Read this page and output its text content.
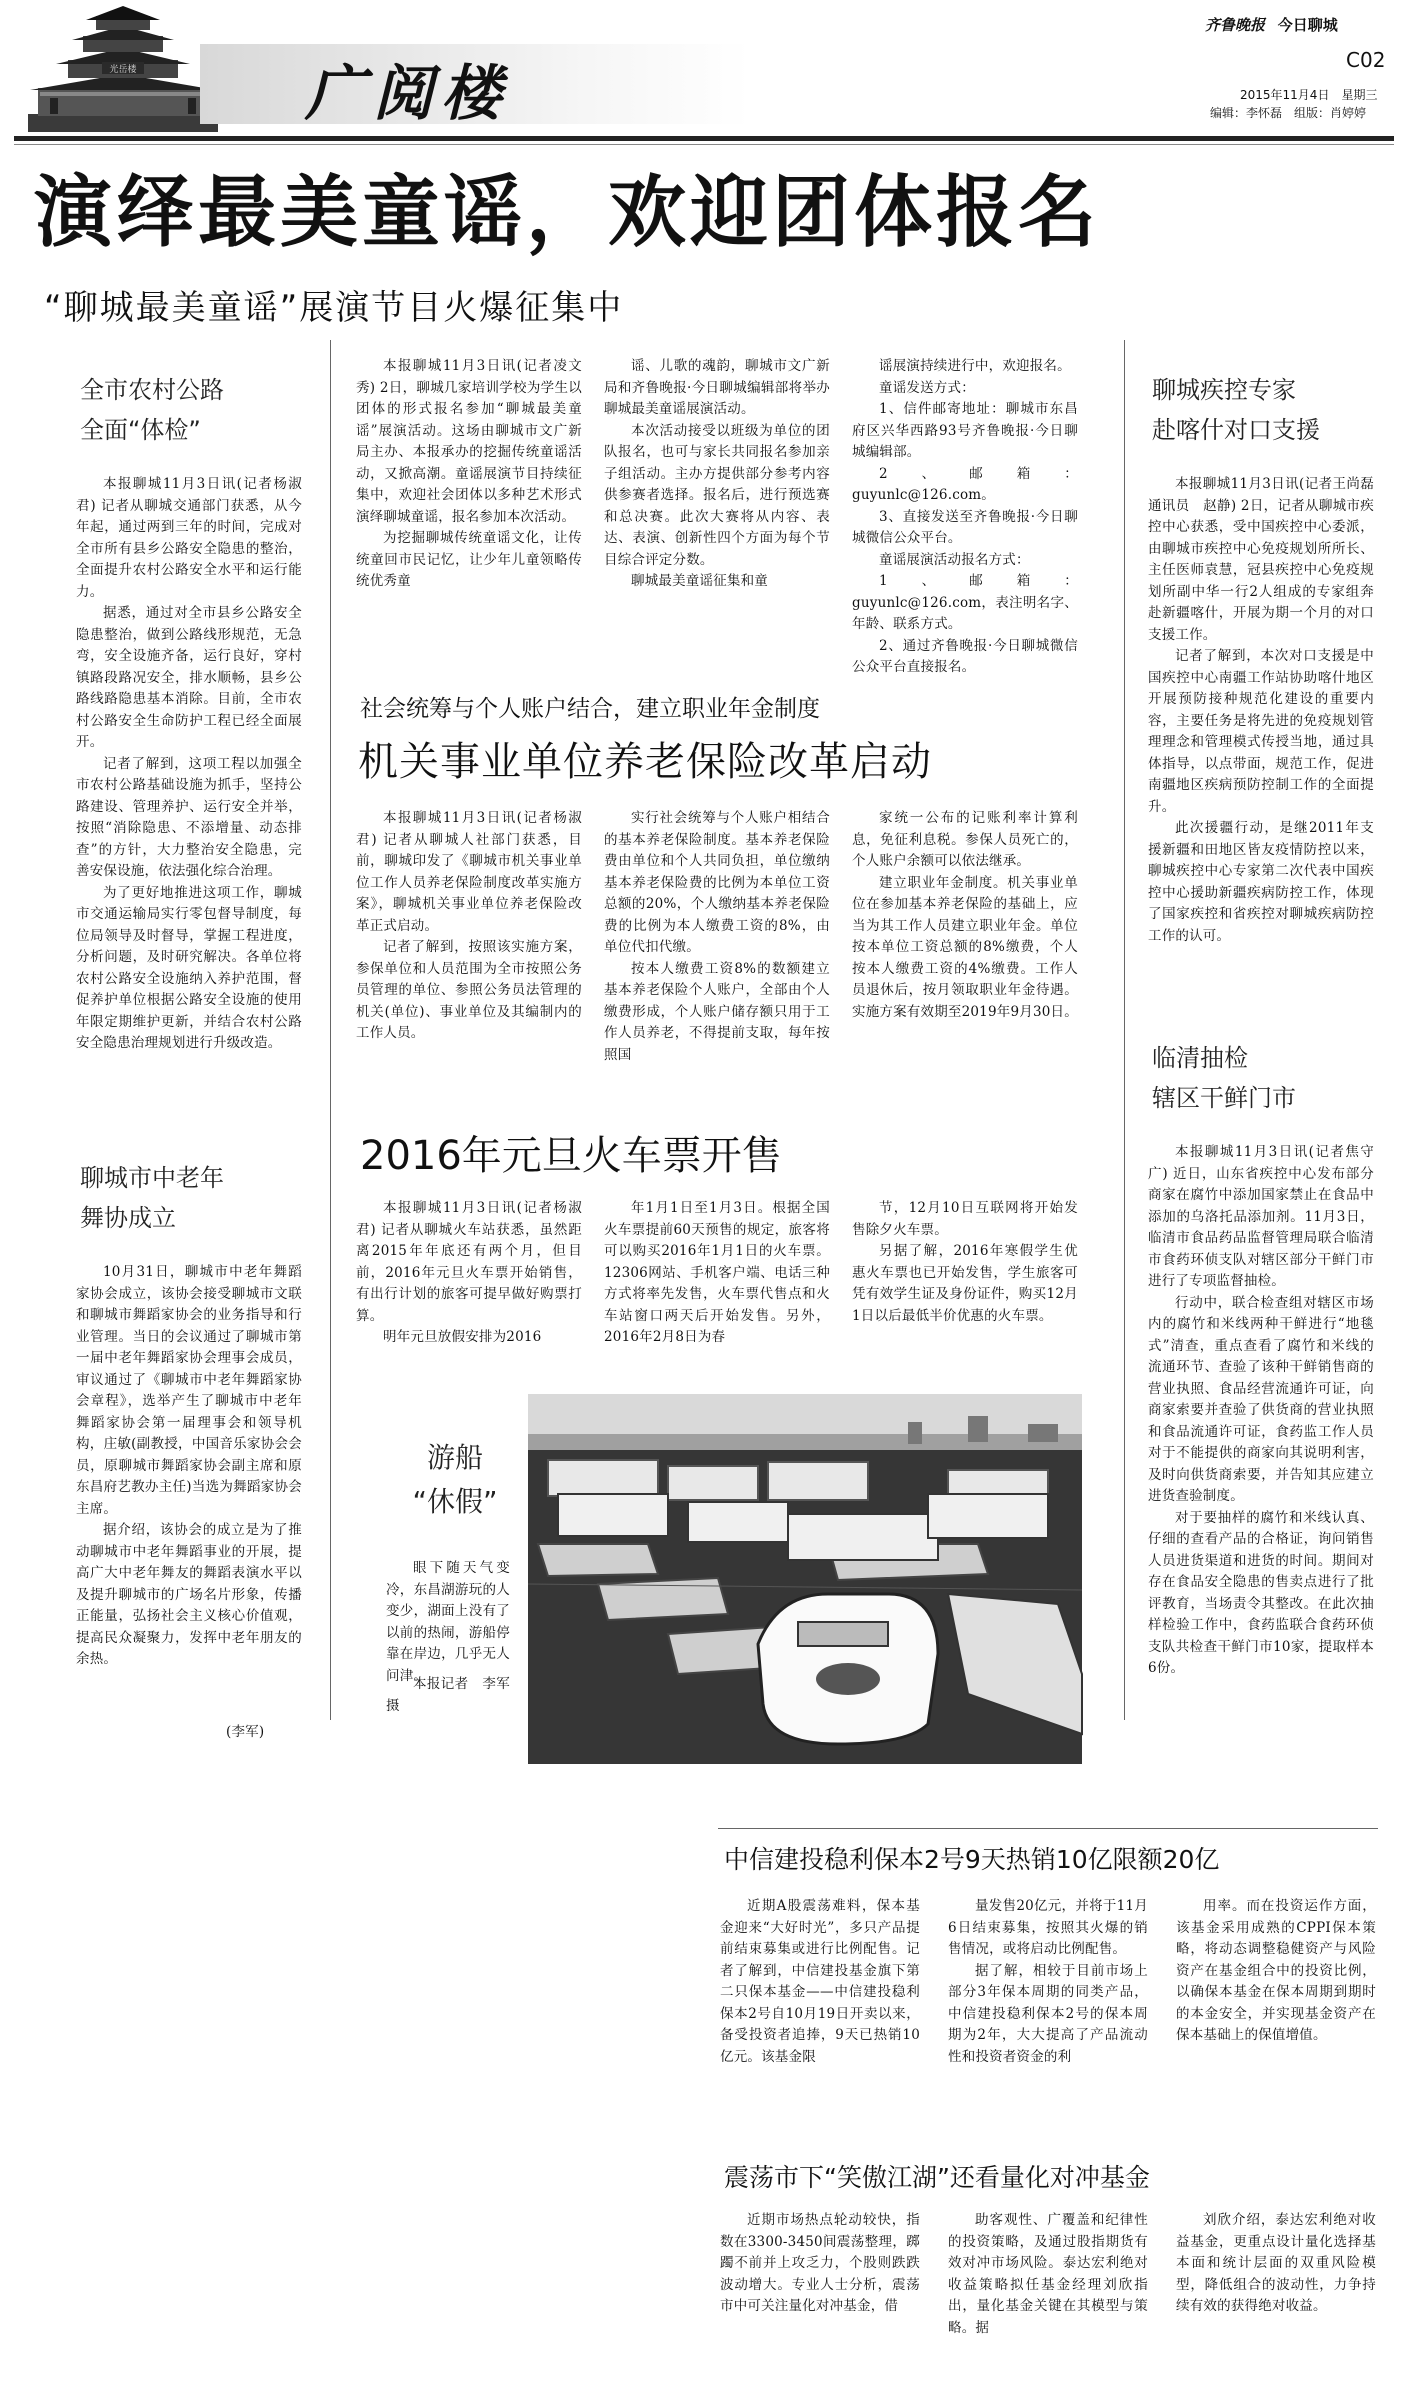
光岳楼	广阅楼
齐鲁晚报 今日聊城
C02
2015年11月4日　星期三
编辑：李怀磊　组版：肖婷婷
演绎最美童谣，欢迎团体报名
“聊城最美童谣”展演节目火爆征集中
全市农村公路
全面“体检”

本报聊城11月3日讯(记者杨淑君) 记者从聊城交通部门获悉，从今年起，通过两到三年的时间，完成对全市所有县乡公路安全隐患的整治，全面提升农村公路安全水平和运行能力。

据悉，通过对全市县乡公路安全隐患整治，做到公路线形规范，无急弯，安全设施齐备，运行良好，穿村镇路段路况安全，排水顺畅，县乡公路线路隐患基本消除。目前，全市农村公路安全生命防护工程已经全面展开。

记者了解到，这项工程以加强全市农村公路基础设施为抓手，坚持公路建设、管理养护、运行安全并举，按照“消除隐患、不添增量、动态排查”的方针，大力整治安全隐患，完善安保设施，依法强化综合治理。

为了更好地推进这项工作，聊城市交通运输局实行零包督导制度，每位局领导及时督导，掌握工程进度，分析问题，及时研究解决。各单位将农村公路安全设施纳入养护范围，督促养护单位根据公路安全设施的使用年限定期维护更新，并结合农村公路安全隐患治理规划进行升级改造。

聊城市中老年
舞协成立

10月31日，聊城市中老年舞蹈家协会成立，该协会接受聊城市文联和聊城市舞蹈家协会的业务指导和行业管理。当日的会议通过了聊城市第一届中老年舞蹈家协会理事会成员，审议通过了《聊城市中老年舞蹈家协会章程》，选举产生了聊城市中老年舞蹈家协会第一届理事会和领导机构，庄敏(副教授，中国音乐家协会会员，原聊城市舞蹈家协会副主席和原东昌府艺教办主任)当选为舞蹈家协会主席。

据介绍，该协会的成立是为了推动聊城市中老年舞蹈事业的开展，提高广大中老年舞友的舞蹈表演水平以及提升聊城市的广场名片形象，传播正能量，弘扬社会主义核心价值观，提高民众凝聚力，发挥中老年朋友的余热。

(李军)

本报聊城11月3日讯(记者凌文秀) 2日，聊城几家培训学校为学生以团体的形式报名参加“聊城最美童谣”展演活动。这场由聊城市文广新局主办、本报承办的挖掘传统童谣活动，又掀高潮。童谣展演节目持续征集中，欢迎社会团体以多种艺术形式演绎聊城童谣，报名参加本次活动。

为挖掘聊城传统童谣文化，让传统童回市民记忆，让少年儿童领略传统优秀童

谣、儿歌的魂韵，聊城市文广新局和齐鲁晚报·今日聊城编辑部将举办聊城最美童谣展演活动。

本次活动接受以班级为单位的团队报名，也可与家长共同报名参加亲子组活动。主办方提供部分参考内容供参赛者选择。报名后，进行预选赛和总决赛。此次大赛将从内容、表达、表演、创新性四个方面为每个节目综合评定分数。

聊城最美童谣征集和童

谣展演持续进行中，欢迎报名。

童谣发送方式：

1、信件邮寄地址：聊城市东昌府区兴华西路93号齐鲁晚报·今日聊城编辑部。

2、邮箱：guyunlc@126.com。

3、直接发送至齐鲁晚报·今日聊城微信公众平台。

童谣展演活动报名方式：

1、邮箱：guyunlc@126.com，表注明名字、年龄、联系方式。

2、通过齐鲁晚报·今日聊城微信公众平台直接报名。

社会统筹与个人账户结合，建立职业年金制度
机关事业单位养老保险改革启动

本报聊城11月3日讯(记者杨淑君) 记者从聊城人社部门获悉，目前，聊城印发了《聊城市机关事业单位工作人员养老保险制度改革实施方案》，聊城机关事业单位养老保险改革正式启动。

记者了解到，按照该实施方案，参保单位和人员范围为全市按照公务员管理的单位、参照公务员法管理的机关(单位)、事业单位及其编制内的工作人员。

实行社会统筹与个人账户相结合的基本养老保险制度。基本养老保险费由单位和个人共同负担，单位缴纳基本养老保险费的比例为本单位工资总额的20%，个人缴纳基本养老保险费的比例为本人缴费工资的8%，由单位代扣代缴。

按本人缴费工资8%的数额建立基本养老保险个人账户，全部由个人缴费形成，个人账户储存额只用于工作人员养老，不得提前支取，每年按照国

家统一公布的记账利率计算利息，免征利息税。参保人员死亡的，个人账户余额可以依法继承。

建立职业年金制度。机关事业单位在参加基本养老保险的基础上，应当为其工作人员建立职业年金。单位按本单位工资总额的8%缴费，个人按本人缴费工资的4%缴费。工作人员退休后，按月领取职业年金待遇。实施方案有效期至2019年9月30日。

2016年元旦火车票开售

本报聊城11月3日讯(记者杨淑君) 记者从聊城火车站获悉，虽然距离2015年年底还有两个月，但目前，2016年元旦火车票开始销售，有出行计划的旅客可提早做好购票打算。

明年元旦放假安排为2016

年1月1日至1月3日。根据全国火车票提前60天预售的规定，旅客将可以购买2016年1月1日的火车票。12306网站、手机客户端、电话三种方式将率先发售，火车票代售点和火车站窗口两天后开始发售。另外，2016年2月8日为春

节，12月10日互联网将开始发售除夕火车票。

另据了解，2016年寒假学生优惠火车票也已开始发售，学生旅客可凭有效学生证及身份证件，购买12月1日以后最低半价优惠的火车票。

游船
“休假”

眼下随天气变冷，东昌湖游玩的人变少，湖面上没有了以前的热闹，游船停靠在岸边，几乎无人问津。

本报记者　李军　摄
聊城疾控专家
赴喀什对口支援

本报聊城11月3日讯(记者王尚磊　通讯员　赵静) 2日，记者从聊城市疾控中心获悉，受中国疾控中心委派，由聊城市疾控中心免疫规划所所长、主任医师袁慧，冠县疾控中心免疫规划所副中华一行2人组成的专家组奔赴新疆喀什，开展为期一个月的对口支援工作。

记者了解到，本次对口支援是中国疾控中心南疆工作站协助喀什地区开展预防接种规范化建设的重要内容，主要任务是将先进的免疫规划管理理念和管理模式传授当地，通过具体指导，以点带面，规范工作，促进南疆地区疾病预防控制工作的全面提升。

此次援疆行动，是继2011年支援新疆和田地区皆友疫情防控以来，聊城疾控中心专家第二次代表中国疾控中心援助新疆疾病防控工作，体现了国家疾控和省疾控对聊城疾病防控工作的认可。

临清抽检
辖区干鲜门市

本报聊城11月3日讯(记者焦守广) 近日，山东省疾控中心发布部分商家在腐竹中添加国家禁止在食品中添加的乌洛托品添加剂。11月3日，临清市食品药品监督管理局联合临清市食药环侦支队对辖区部分干鲜门市进行了专项监督抽检。

行动中，联合检查组对辖区市场内的腐竹和米线两种干鲜进行“地毯式”清查，重点查看了腐竹和米线的流通环节、查验了该种干鲜销售商的营业执照、食品经营流通许可证，向商家索要并查验了供货商的营业执照和食品流通许可证，食药监工作人员对于不能提供的商家向其说明利害，及时向供货商索要，并告知其应建立进货查验制度。

对于要抽样的腐竹和米线认真、仔细的查看产品的合格证，询问销售人员进货渠道和进货的时间。期间对存在食品安全隐患的售卖点进行了批评教育，当场责令其整改。在此次抽样检验工作中，食药监联合食药环侦支队共检查干鲜门市10家，提取样本6份。

中信建投稳利保本2号9天热销10亿限额20亿

近期A股震荡难料，保本基金迎来“大好时光”，多只产品提前结束募集或进行比例配售。记者了解到，中信建投基金旗下第二只保本基金——中信建投稳利保本2号自10月19日开卖以来，备受投资者追捧，9天已热销10亿元。该基金限

量发售20亿元，并将于11月6日结束募集，按照其火爆的销售情况，或将启动比例配售。

据了解，相较于目前市场上部分3年保本周期的同类产品，中信建投稳利保本2号的保本周期为2年，大大提高了产品流动性和投资者资金的利

用率。而在投资运作方面，该基金采用成熟的CPPI保本策略，将动态调整稳健资产与风险资产在基金组合中的投资比例，以确保本基金在保本周期到期时的本金安全，并实现基金资产在保本基础上的保值增值。

震荡市下“笑傲江湖”还看量化对冲基金

近期市场热点轮动较快，指数在3300-3450间震荡整理，踯躅不前并上攻乏力，个股则跌跌波动增大。专业人士分析，震荡市中可关注量化对冲基金，借

助客观性、广覆盖和纪律性的投资策略，及通过股指期货有效对冲市场风险。泰达宏利绝对收益策略拟任基金经理刘欣指出，量化基金关键在其模型与策略。据

刘欣介绍，泰达宏利绝对收益基金，更重点设计量化选择基本面和统计层面的双重风险模型，降低组合的波动性，力争持续有效的获得绝对收益。
